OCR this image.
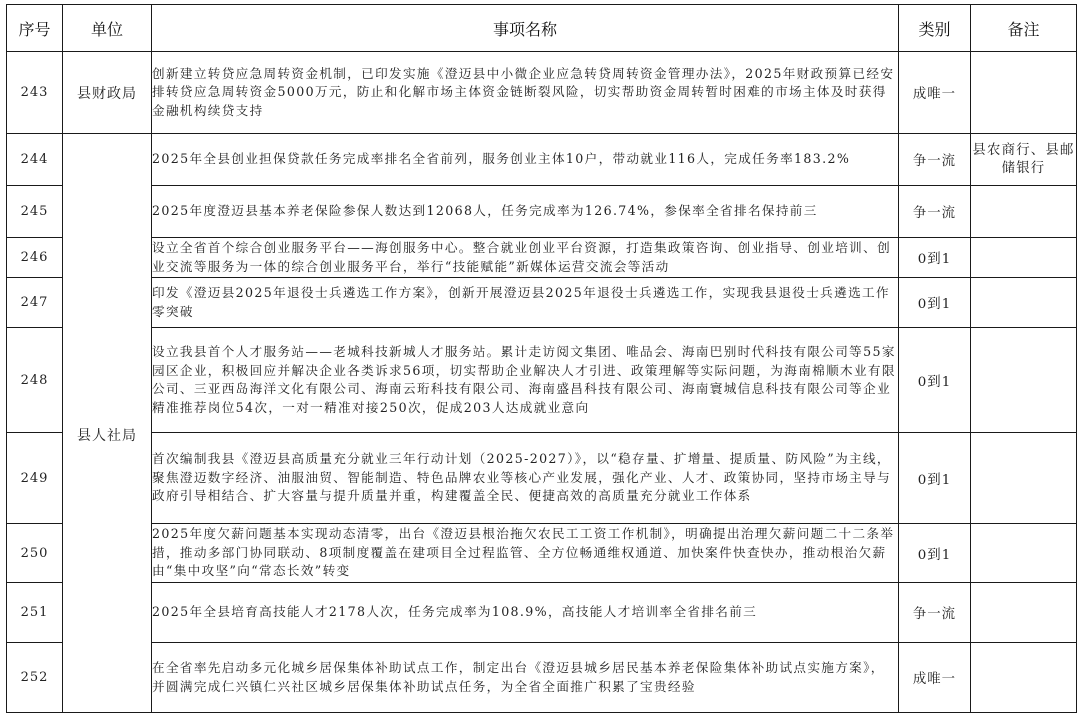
序号	单位	事项名称	类别	备注
243	县财政局	创新建立转贷应急周转资金机制，已印发实施《澄迈县中小微企业应急转贷周转资金管理办法》，2025年财政预算已经安排转贷应急周转资金5000万元，防止和化解市场主体资金链断裂风险，切实帮助资金周转暂时困难的市场主体及时获得金融机构续贷支持	成唯一	
244	县人社局	2025年全县创业担保贷款任务完成率排名全省前列，服务创业主体10户，带动就业116人，完成任务率183.2%	争一流	县农商行、县邮储银行
245		2025年度澄迈县基本养老保险参保人数达到12068人，任务完成率为126.74%，参保率全省排名保持前三	争一流	
246		设立全省首个综合创业服务平台——海创服务中心。整合就业创业平台资源，打造集政策咨询、创业指导、创业培训、创业交流等服务为一体的综合创业服务平台，举行“技能赋能”新媒体运营交流会等活动	0到1	
247		印发《澄迈县2025年退役士兵遴选工作方案》，创新开展澄迈县2025年退役士兵遴选工作，实现我县退役士兵遴选工作零突破	0到1	
248		设立我县首个人才服务站——老城科技新城人才服务站。累计走访阅文集团、唯品会、海南巴别时代科技有限公司等55家园区企业，积极回应并解决企业各类诉求56项，切实帮助企业解决人才引进、政策理解等实际问题，为海南棉顺木业有限公司、三亚西岛海洋文化有限公司、海南云珩科技有限公司、海南盛昌科技有限公司、海南寰城信息科技有限公司等企业精准推荐岗位54次，一对一精准对接250次，促成203人达成就业意向	0到1	
249		首次编制我县《澄迈县高质量充分就业三年行动计划（2025-2027）》，以“稳存量、扩增量、提质量、防风险”为主线，聚焦澄迈数字经济、油服油贸、智能制造、特色品牌农业等核心产业发展，强化产业、人才、政策协同，坚持市场主导与政府引导相结合、扩大容量与提升质量并重，构建覆盖全民、便捷高效的高质量充分就业工作体系	0到1	
250		2025年度欠薪问题基本实现动态清零，出台《澄迈县根治拖欠农民工工资工作机制》，明确提出治理欠薪问题二十二条举措，推动多部门协同联动、8项制度覆盖在建项目全过程监管、全方位畅通维权通道、加快案件快查快办，推动根治欠薪由“集中攻坚”向“常态长效”转变	0到1	
251		2025年全县培育高技能人才2178人次，任务完成率为108.9%，高技能人才培训率全省排名前三	争一流	
252		在全省率先启动多元化城乡居保集体补助试点工作，制定出台《澄迈县城乡居民基本养老保险集体补助试点实施方案》，并圆满完成仁兴镇仁兴社区城乡居保集体补助试点任务，为全省全面推广积累了宝贵经验	成唯一	
